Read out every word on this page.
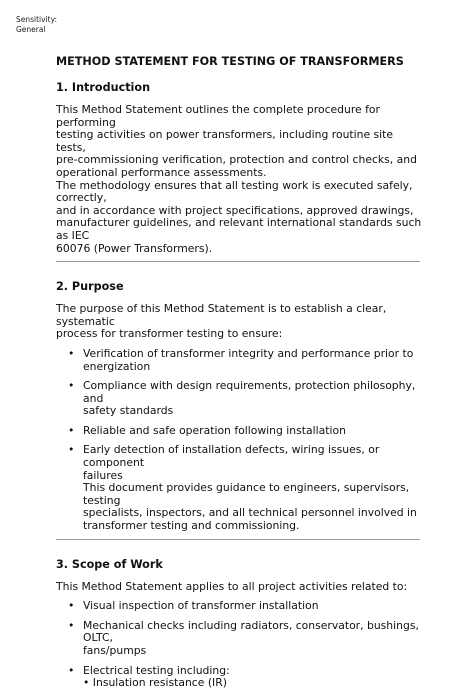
Sensitivity:
General
METHOD STATEMENT FOR TESTING OF TRANSFORMERS
1. Introduction

This Method Statement outlines the complete procedure for performing
testing activities on power transformers, including routine site tests,
pre-commissioning verification, protection and control checks, and
operational performance assessments.
The methodology ensures that all testing work is executed safely, correctly,
and in accordance with project specifications, approved drawings,
manufacturer guidelines, and relevant international standards such as IEC
60076 (Power Transformers).

2. Purpose

The purpose of this Method Statement is to establish a clear, systematic
process for transformer testing to ensure:

• Verification of transformer integrity and performance prior to
energization
• Compliance with design requirements, protection philosophy, and
safety standards
• Reliable and safe operation following installation
• Early detection of installation defects, wiring issues, or component
failures
This document provides guidance to engineers, supervisors, testing
specialists, inspectors, and all technical personnel involved in
transformer testing and commissioning.
3. Scope of Work

This Method Statement applies to all project activities related to:

• Visual inspection of transformer installation
• Mechanical checks including radiators, conservator, bushings, OLTC,
fans/pumps
• Electrical testing including:
• Insulation resistance (IR)
